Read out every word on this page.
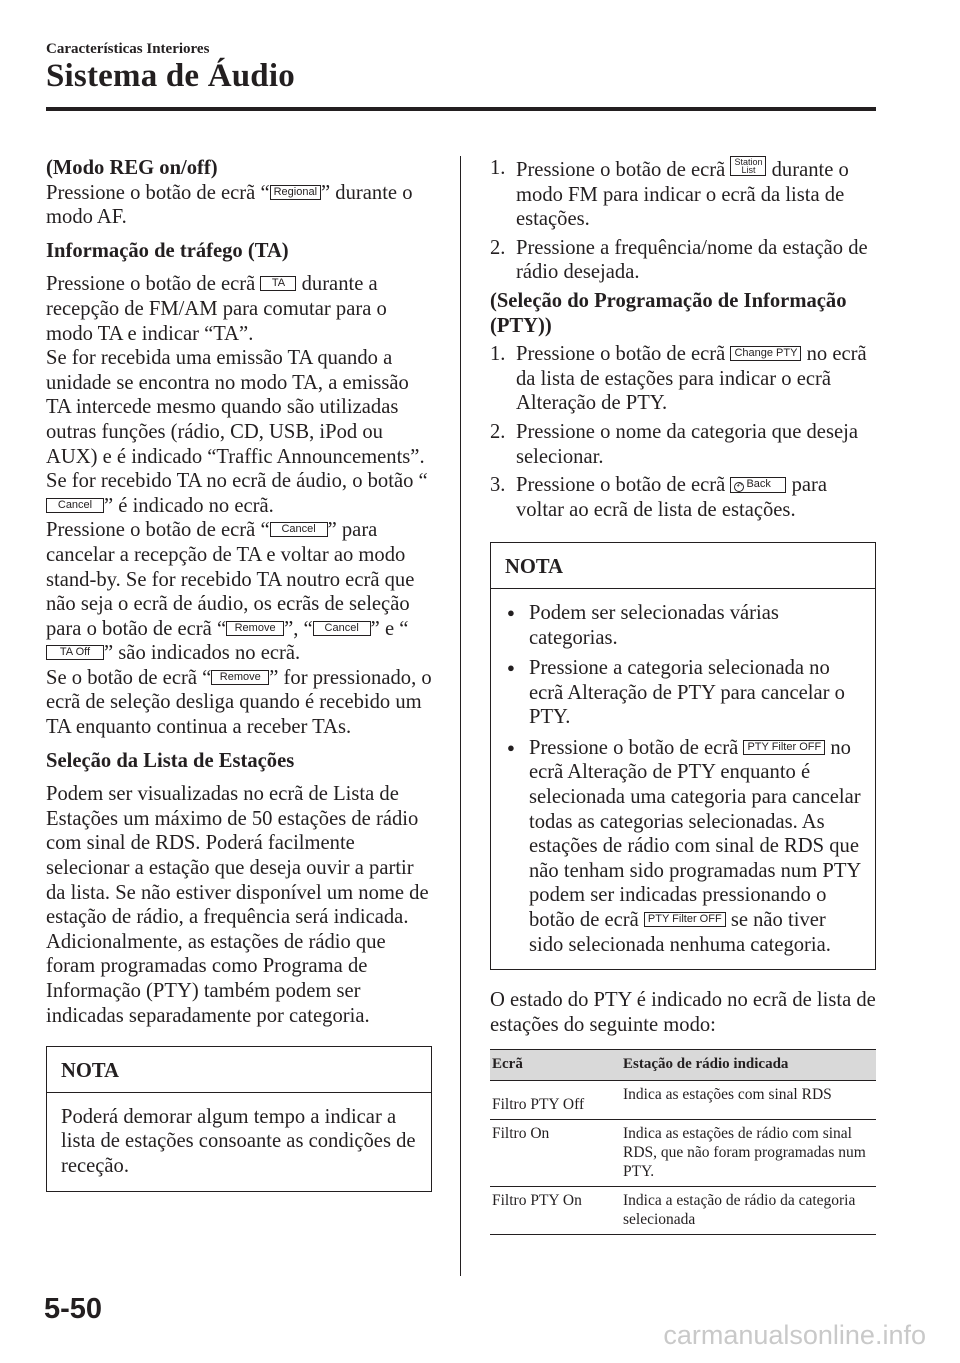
Características Interiores
Sistema de Áudio
(Modo REG on/off)

Pressione o botão de ecrã “ Regional ” durante o modo AF.

Informação de tráfego (TA)

Pressione o botão de ecrã TA durante a recepção de FM/AM para comutar para o modo TA e indicar “TA”.

Se for recebida uma emissão TA quando a unidade se encontra no modo TA, a emissão TA intercede mesmo quando são utilizadas outras funções (rádio, CD, USB, iPod ou AUX) e é indicado “Traffic Announcements”.

Se for recebido TA no ecrã de áudio, o botão “Cancel ” é indicado no ecrã.

Pressione o botão de ecrã “ Cancel ” para cancelar a recepção de TA e voltar ao modo stand-by. Se for recebido TA noutro ecrã que não seja o ecrã de áudio, os ecrãs de seleção para o botão de ecrã “ Remove ”, “ Cancel ” e “TA Off ” são indicados no ecrã.

Se o botão de ecrã “ Remove ” for pressionado, o ecrã de seleção desliga quando é recebido um TA enquanto continua a receber TAs.

Seleção da Lista de Estações

Podem ser visualizadas no ecrã de Lista de Estações um máximo de 50 estações de rádio com sinal de RDS. Poderá facilmente selecionar a estação que deseja ouvir a partir da lista. Se não estiver disponível um nome de estação de rádio, a frequência será indicada. Adicionalmente, as estações de rádio que foram programadas como Programa de Informação (PTY) também podem ser indicadas separadamente por categoria.

NOTA
Poderá demorar algum tempo a indicar a lista de estações consoante as condições de receção.
1. Pressione o botão de ecrã Station
List durante o modo FM para indicar o ecrã da lista de estações.
2. Pressione a frequência/nome da estação de rádio desejada.
(Seleção do Programação de Informação (PTY))
1. Pressione o botão de ecrã Change PTY no ecrã da lista de estações para indicar o ecrã Alteração de PTY.
2. Pressione o nome da categoria que deseja selecionar.
3. Pressione o botão de ecrã ↶ Back para voltar ao ecrã de lista de estações.
NOTA
● Podem ser selecionadas várias categorias.
● Pressione a categoria selecionada no ecrã Alteração de PTY para cancelar o PTY.
● Pressione o botão de ecrã PTY Filter OFF no ecrã Alteração de PTY enquanto é selecionada uma categoria para cancelar todas as categorias selecionadas. As estações de rádio com sinal de RDS que não tenham sido programadas num PTY podem ser indicadas pressionando o botão de ecrã PTY Filter OFF se não tiver sido selecionada nenhuma categoria.

O estado do PTY é indicado no ecrã de lista de estações do seguinte modo:

Ecrã	Estação de rádio indicada
Filtro PTY Off	Indica as estações com sinal RDS
Filtro On	Indica as estações de rádio com sinal RDS, que não foram programadas num PTY.
Filtro PTY On	Indica a estação de rádio da categoria selecionada
5-50
carmanualsonline.info
